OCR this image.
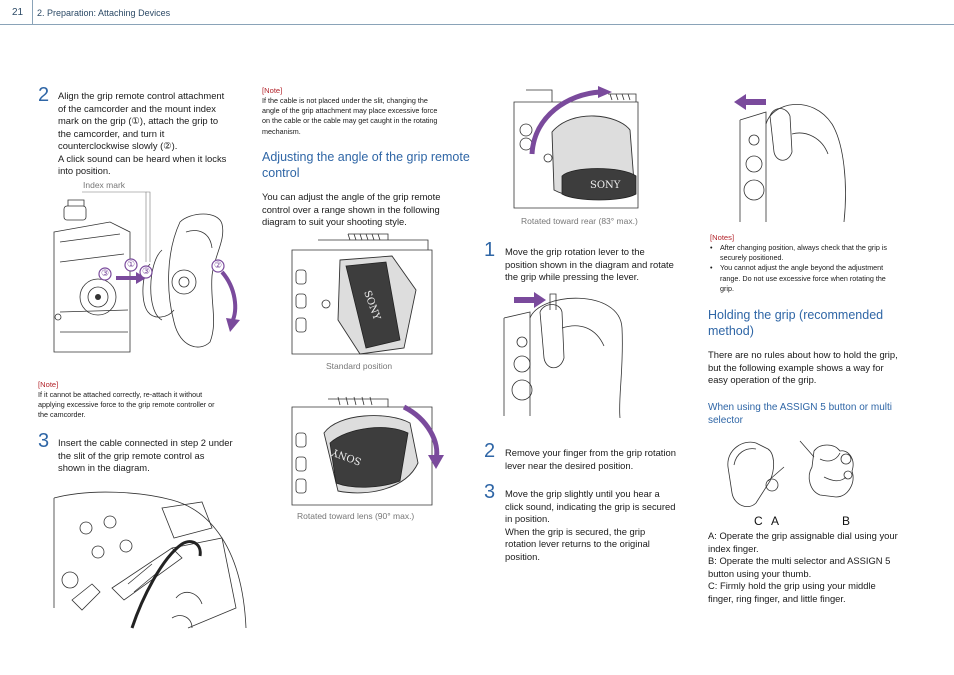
21 2. Preparation: Attaching Devices
2 Align the grip remote control attachment
of the camcorder and the mount index
mark on the grip (①), attach the grip to
the camcorder, and turn it
counterclockwise slowly (②).
A click sound can be heard when it locks
into position.
Index mark
③
①
③
②
[Note]
If it cannot be attached correctly, re-attach it without
applying excessive force to the grip remote controller or
the camcorder.
3 Insert the cable connected in step 2 under
the slit of the grip remote control as
shown in the diagram.
[Note]
If the cable is not placed under the slit, changing the
angle of the grip attachment may place excessive force
on the cable or the cable may get caught in the rotating
mechanism.
Adjusting the angle of the grip remote
control
You can adjust the angle of the grip remote
control over a range shown in the following
diagram to suit your shooting style.
SONY
Standard position
SONY
Rotated toward lens (90° max.)
SONY
Rotated toward rear (83° max.)
1 Move the grip rotation lever to the
position shown in the diagram and rotate
the grip while pressing the lever.
2 Remove your finger from the grip rotation
lever near the desired position.
3 Move the grip slightly until you hear a
click sound, indicating the grip is secured
in position.
When the grip is secured, the grip
rotation lever returns to the original
position.
[Notes]
• After changing position, always check that the grip is
securely positioned.
• You cannot adjust the angle beyond the adjustment
range. Do not use excessive force when rotating the
grip.
Holding the grip (recommended
method)
There are no rules about how to hold the grip,
but the following example shows a way for
easy operation of the grip.
When using the ASSIGN 5 button or multi
selector
C A	B
A: Operate the grip assignable dial using your
index finger.
B: Operate the multi selector and ASSIGN 5
button using your thumb.
C: Firmly hold the grip using your middle
finger, ring finger, and little finger.
